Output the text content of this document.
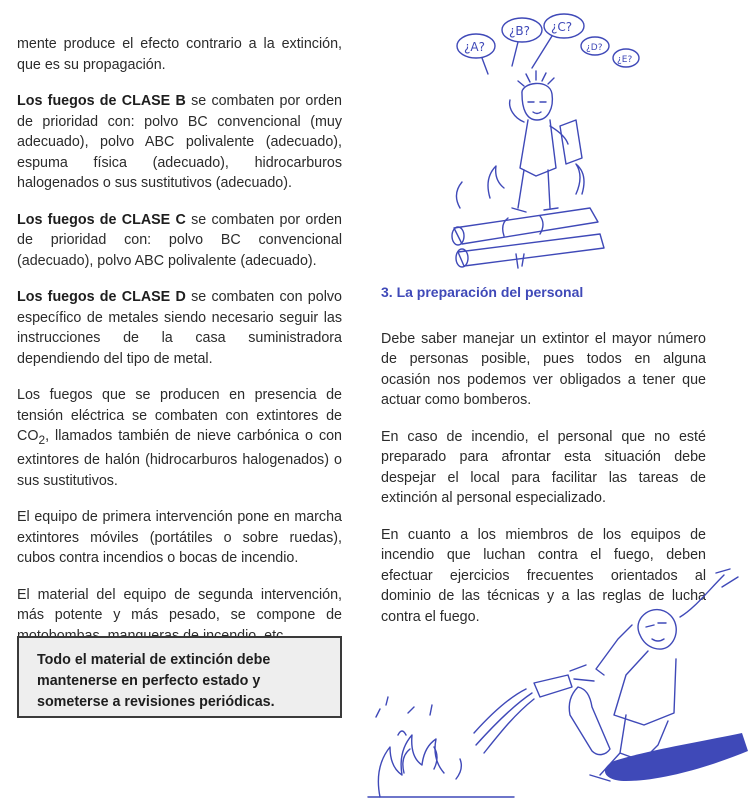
mente produce el efecto contrario a la extinción, que es su propagación.

Los fuegos de CLASE B se combaten por orden de prioridad con: polvo BC convencional (muy adecuado), polvo ABC polivalente (adecuado), espuma física (adecuado), hidrocarburos halogenados o sus sustitutivos (adecuado).

Los fuegos de CLASE C se combaten por orden de prioridad con: polvo BC convencional (adecuado), polvo ABC polivalente (adecuado).

Los fuegos de CLASE D se combaten con polvo específico de metales siendo necesario seguir las instrucciones de la casa suministradora dependiendo del tipo de metal.

Los fuegos que se producen en presencia de tensión eléctrica se combaten con extintores de $CO_2$, llamados también de nieve carbónica o con extintores de halón (hidrocarburos halogenados) o sus sustitutivos.

El equipo de primera intervención pone en marcha extintores móviles (portátiles o sobre ruedas), cubos contra incendios o bocas de incendio.

El material del equipo de segunda intervención, más potente y más pesado, se compone de

Todo el material de extinción debe mantenerse en perfecto estado y someterse a revisiones periódicas.
¿A?
¿B? ¿C?
¿D?
¿E?
3. La preparación del personal

Debe saber manejar un extintor el mayor número de personas posible, pues todos en alguna ocasión nos podemos ver obligados a tener que actuar como bomberos.

En caso de incendio, el personal que no esté preparado para afrontar esta situación debe despejar el local para facilitar las tareas de extinción al personal especializado.

En cuanto a los miembros de los equipos de incendio que luchan contra el fuego, deben efectuar ejercicios frecuentes orientados al dominio de las técnicas y a las reglas de lucha contra el fuego.
